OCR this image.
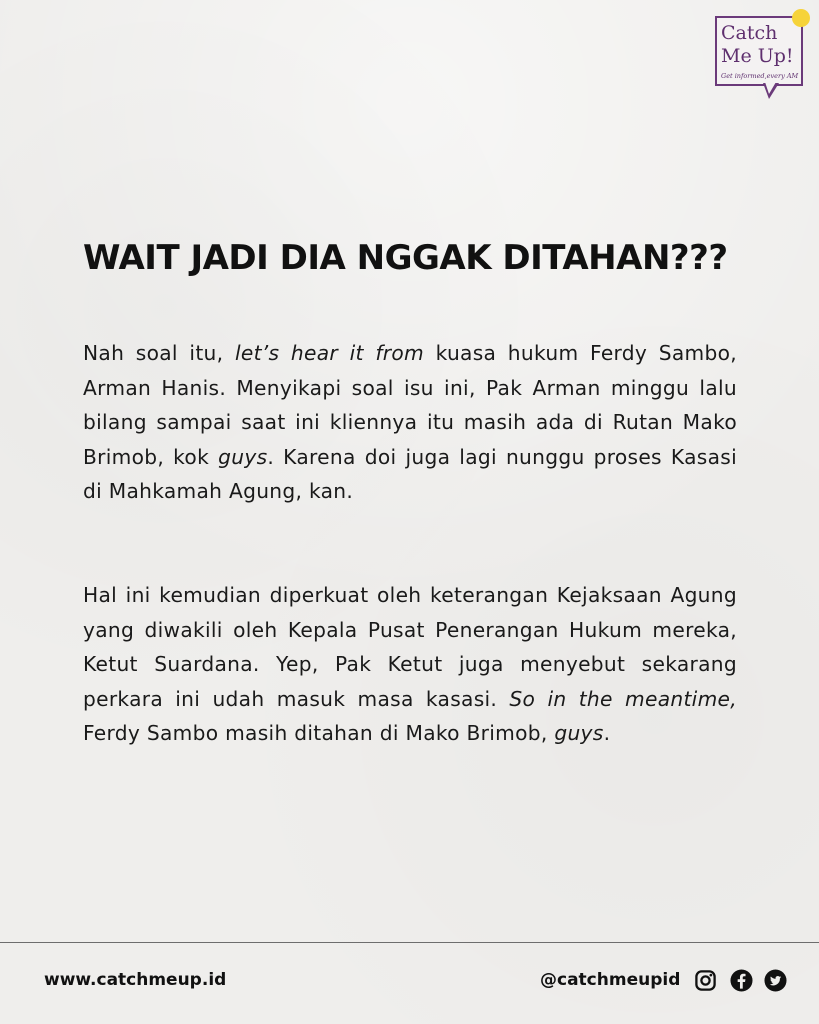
Catch
Me Up!
Get informed,every AM
WAIT JADI DIA NGGAK DITAHAN???

Nah soal itu, let’s hear it from kuasa hukum Ferdy Sambo, Arman Hanis. Menyikapi soal isu ini, Pak Arman minggu lalu bilang sampai saat ini kliennya itu masih ada di Rutan Mako Brimob, kok guys. Karena doi juga lagi nunggu proses Kasasi di Mahkamah Agung, kan.

Hal ini kemudian diperkuat oleh keterangan Kejaksaan Agung yang diwakili oleh Kepala Pusat Penerangan Hukum mereka, Ketut Suardana. Yep, Pak Ketut juga menyebut sekarang perkara ini udah masuk masa kasasi. So in the meantime, Ferdy Sambo masih ditahan di Mako Brimob, guys.

www.catchmeup.id	@catchmeupid
